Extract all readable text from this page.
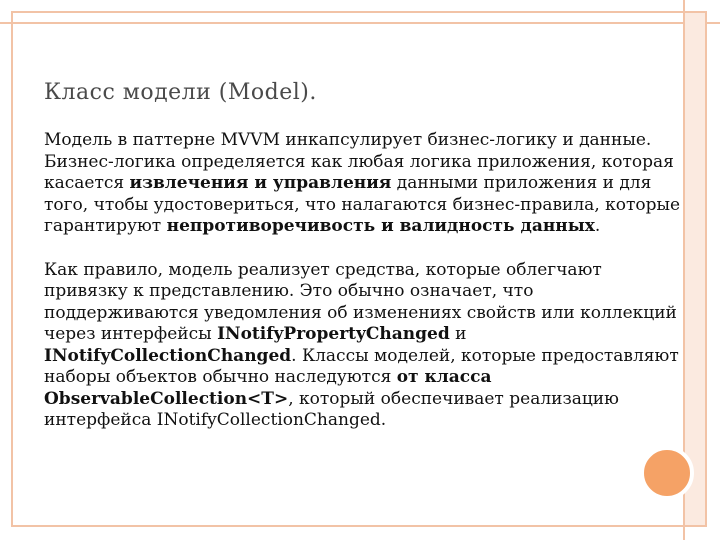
Класс модели (Model).

Модель в паттерне MVVM инкапсулирует бизнес-логику и данные. Бизнес-логика определяется как любая логика приложения, которая касается извлечения и управления данными приложения и для того, чтобы удостовериться, что налагаются бизнес-правила, которые гарантируют непротиворечивость и валидность данных.

Как правило, модель реализует средства, которые облегчают привязку к представлению. Это обычно означает, что поддерживаются уведомления об изменениях свойств или коллекций через интерфейсы INotifyPropertyChanged и INotifyCollectionChanged. Классы моделей, которые предоставляют наборы объектов обычно наследуются от класса ObservableCollection<T>, который обеспечивает реализацию интерфейса INotifyCollectionChanged.
